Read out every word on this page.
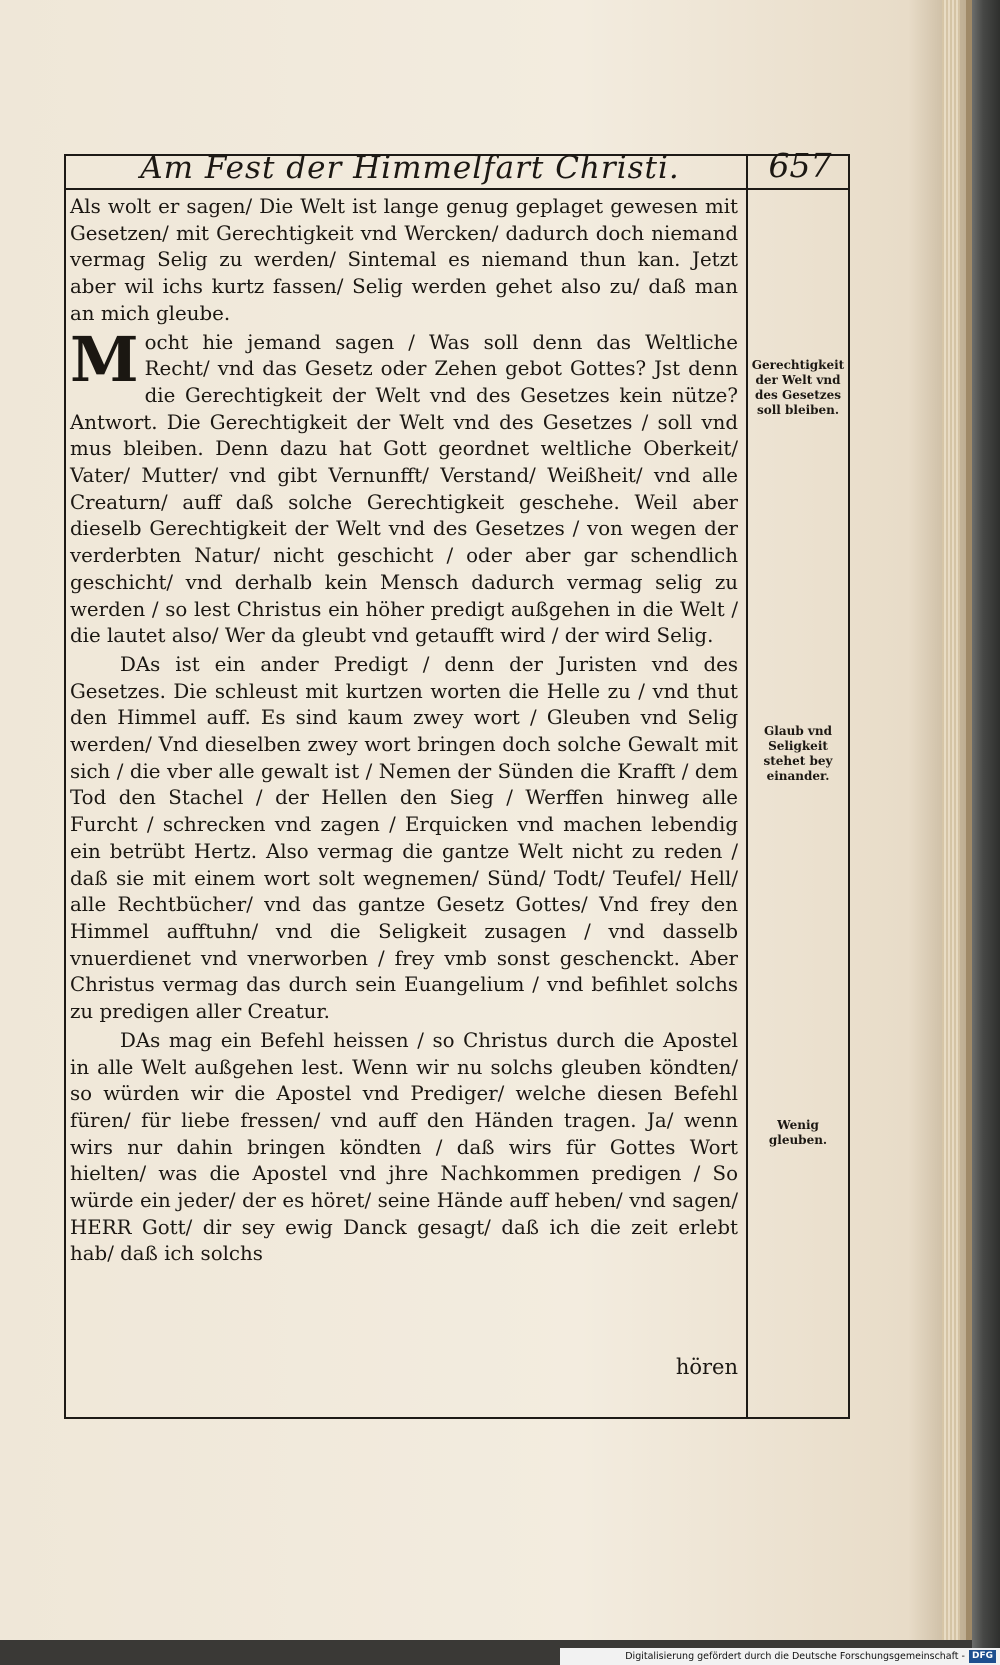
Am Fest der Himmelfart Christi.	657

Als wolt er sagen/ Die Welt ist lange genug geplaget gewesen mit Gesetzen/ mit Gerechtigkeit vnd Wercken/ dadurch doch niemand vermag Selig zu werden/ Sintemal es niemand thun kan. Jetzt aber wil ichs kurtz fassen/ Selig werden gehet also zu/ daß man an mich gleube.

M ocht hie jemand sagen / Was soll denn das Weltliche Recht/ vnd das Gesetz oder Zehen gebot Gottes? Jst denn die Gerechtigkeit der Welt vnd des Gesetzes kein nütze? Antwort. Die Gerechtigkeit der Welt vnd des Gesetzes / soll vnd mus bleiben. Denn dazu hat Gott geordnet weltliche Oberkeit/ Vater/ Mutter/ vnd gibt Vernunfft/ Verstand/ Weißheit/ vnd alle Creaturn/ auff daß solche Gerechtigkeit geschehe. Weil aber dieselb Gerechtigkeit der Welt vnd des Gesetzes / von wegen der verderbten Natur/ nicht geschicht / oder aber gar schendlich geschicht/ vnd derhalb kein Mensch dadurch vermag selig zu werden / so lest Christus ein höher predigt außgehen in die Welt / die lautet also/ Wer da gleubt vnd getaufft wird / der wird Selig.

DAs ist ein ander Predigt / denn der Juristen vnd des Gesetzes. Die schleust mit kurtzen worten die Helle zu / vnd thut den Himmel auff. Es sind kaum zwey wort / Gleuben vnd Selig werden/ Vnd dieselben zwey wort bringen doch solche Gewalt mit sich / die vber alle gewalt ist / Nemen der Sünden die Krafft / dem Tod den Stachel / der Hellen den Sieg / Werffen hinweg alle Furcht / schrecken vnd zagen / Erquicken vnd machen lebendig ein betrübt Hertz. Also vermag die gantze Welt nicht zu reden / daß sie mit einem wort solt wegnemen/ Sünd/ Todt/ Teufel/ Hell/ alle Rechtbücher/ vnd das gantze Gesetz Gottes/ Vnd frey den Himmel aufftuhn/ vnd die Seligkeit zusagen / vnd dasselb vnuerdienet vnd vnerworben / frey vmb sonst geschenckt. Aber Christus vermag das durch sein Euangelium / vnd befihlet solchs zu predigen aller Creatur.

DAs mag ein Befehl heissen / so Christus durch die Apostel in alle Welt außgehen lest. Wenn wir nu solchs gleuben köndten/ so würden wir die Apostel vnd Prediger/ welche diesen Befehl füren/ für liebe fressen/ vnd auff den Händen tragen. Ja/ wenn wirs nur dahin bringen köndten / daß wirs für Gottes Wort hielten/ was die Apostel vnd jhre Nachkommen predigen / So würde ein jeder/ der es höret/ seine Hände auff heben/ vnd sagen/ HERR Gott/ dir sey ewig Danck gesagt/ daß ich die zeit erlebt hab/ daß ich solchs

Gerechtigkeit der Welt vnd des Gesetzes soll bleiben.
Glaub vnd Seligkeit stehet bey einander.
Wenig gleuben.
hören
Digitalisierung gefördert durch die Deutsche Forschungsgemeinschaft - DFG
